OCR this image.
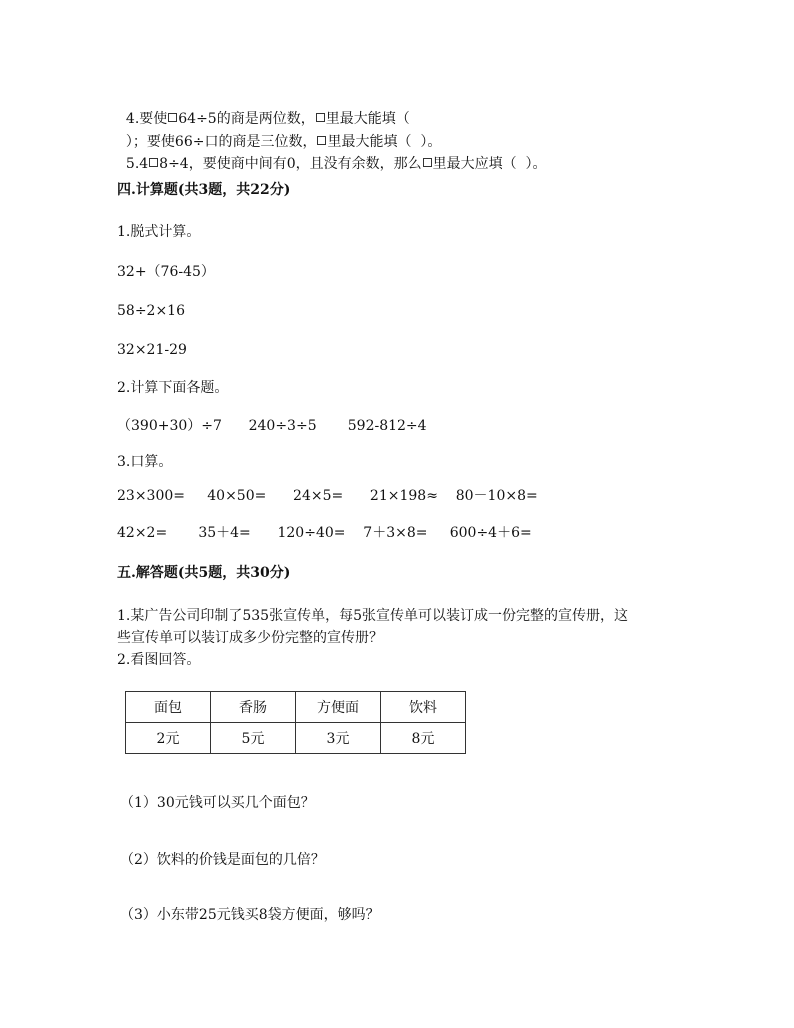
4.要使 64÷5的商是两位数， 里最大能填（

）；要使66÷口的商是三位数， 里最大能填（  ）。

5.4 8÷4，要使商中间有0，且没有余数，那么 里最大应填（  ）。

四.计算题(共3题，共22分)
1.脱式计算。
32+（76-45）
58÷2×16
32×21-29
2.计算下面各题。
（390+30）÷7      240÷3÷5       592-812÷4
3.口算。
23×300=     40×50=      24×5=      21×198≈    80－10×8=
42×2=       35＋4=      120÷40=    7＋3×8=     600÷4＋6=
五.解答题(共5题，共30分)
1.某广告公司印制了535张宣传单，每5张宣传单可以装订成一份完整的宣传册，这
些宣传单可以装订成多少份完整的宣传册？
2.看图回答。
面包	香肠	方便面	饮料
2元	5元	3元	8元
（1）30元钱可以买几个面包？
（2）饮料的价钱是面包的几倍？
（3）小东带25元钱买8袋方便面，够吗？
